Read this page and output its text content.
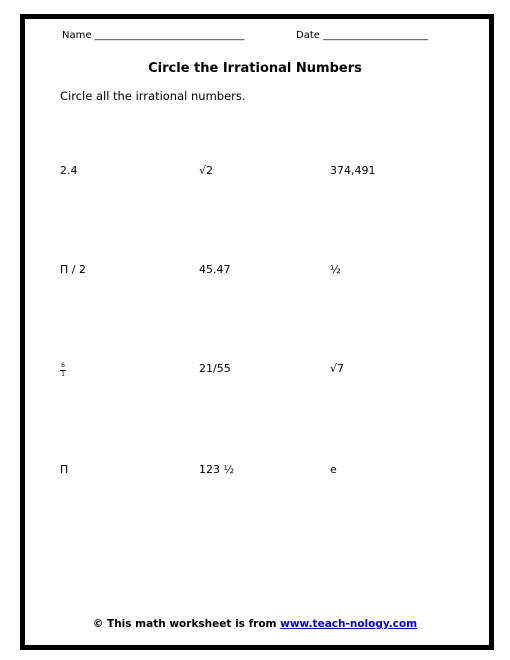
Name ______________________________	Date _____________________
Circle the Irrational Numbers
Circle all the irrational numbers.
2.4	√2	374,491
Π / 2	45.47	½
$\frac{6}{1}$	21/55	√7
Π	123 ½	e
© This math worksheet is from www.teach-nology.com
